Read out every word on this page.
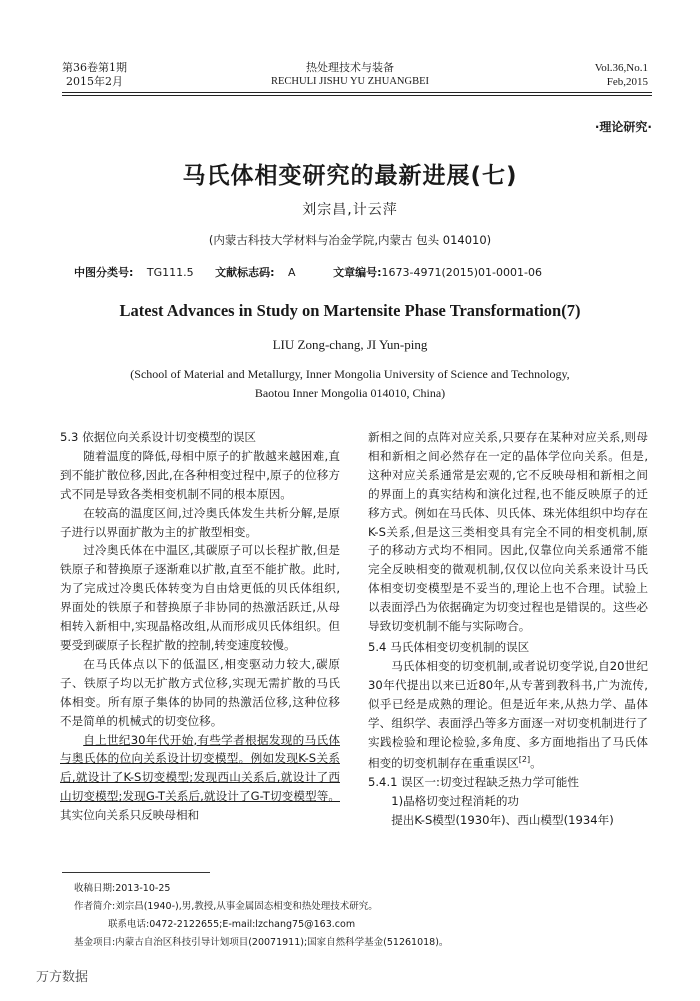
第36卷第1期
2015年2月
热处理技术与装备
RECHULI JISHU YU ZHUANGBEI
Vol.36,No.1
Feb,2015
·理论研究·
马氏体相变研究的最新进展(七)
刘宗昌,计云萍
(内蒙古科技大学材料与冶金学院,内蒙古 包头 014010)
中图分类号: TG111.5 文献标志码: A	文章编号:1673-4971(2015)01-0001-06
Latest Advances in Study on Martensite Phase Transformation(7)
LIU Zong-chang, JI Yun-ping
(School of Material and Metallurgy, Inner Mongolia University of Science and Technology,
Baotou Inner Mongolia 014010, China)

5.3 依据位向关系设计切变模型的误区

随着温度的降低,母相中原子的扩散越来越困难,直到不能扩散位移,因此,在各种相变过程中,原子的位移方式不同是导致各类相变机制不同的根本原因。

在较高的温度区间,过冷奥氏体发生共析分解,是原子进行以界面扩散为主的扩散型相变。

过冷奥氏体在中温区,其碳原子可以长程扩散,但是铁原子和替换原子逐渐难以扩散,直至不能扩散。此时,为了完成过冷奥氏体转变为自由焓更低的贝氏体组织,界面处的铁原子和替换原子非协同的热激活跃迁,从母相转入新相中,实现晶格改组,从而形成贝氏体组织。但要受到碳原子长程扩散的控制,转变速度较慢。

在马氏体点以下的低温区,相变驱动力较大,碳原子、铁原子均以无扩散方式位移,实现无需扩散的马氏体相变。所有原子集体的协同的热激活位移,这种位移不是简单的机械式的切变位移。

自上世纪30年代开始,有些学者根据发现的马氏体与奥氏体的位向关系设计切变模型。例如发现K-S关系后,就设计了K-S切变模型;发现西山关系后,就设计了西山切变模型;发现G-T关系后,就设计了G-T切变模型等。其实位向关系只反映母相和

新相之间的点阵对应关系,只要存在某种对应关系,则母相和新相之间必然存在一定的晶体学位向关系。但是,这种对应关系通常是宏观的,它不反映母相和新相之间的界面上的真实结构和演化过程,也不能反映原子的迁移方式。例如在马氏体、贝氏体、珠光体组织中均存在K-S关系,但是这三类相变具有完全不同的相变机制,原子的移动方式均不相同。因此,仅靠位向关系通常不能完全反映相变的微观机制,仅仅以位向关系来设计马氏体相变切变模型是不妥当的,理论上也不合理。试验上以表面浮凸为依据确定为切变过程也是错误的。这些必导致切变机制不能与实际吻合。

5.4 马氏体相变切变机制的误区

马氏体相变的切变机制,或者说切变学说,自20世纪30年代提出以来已近80年,从专著到教科书,广为流传,似乎已经是成熟的理论。但是近年来,从热力学、晶体学、组织学、表面浮凸等多方面逐一对切变机制进行了实践检验和理论检验,多角度、多方面地指出了马氏体相变的切变机制存在重重误区[2]。

5.4.1 误区一:切变过程缺乏热力学可能性

1)晶格切变过程消耗的功

提出K-S模型(1930年)、西山模型(1934年)

收稿日期:2013-10-25
作者简介:刘宗昌(1940-),男,教授,从事金属固态相变和热处理技术研究。
联系电话:0472-2122655;E-mail:lzchang75@163.com
基金项目:内蒙古自治区科技引导计划项目(20071911);国家自然科学基金(51261018)。
万方数据
